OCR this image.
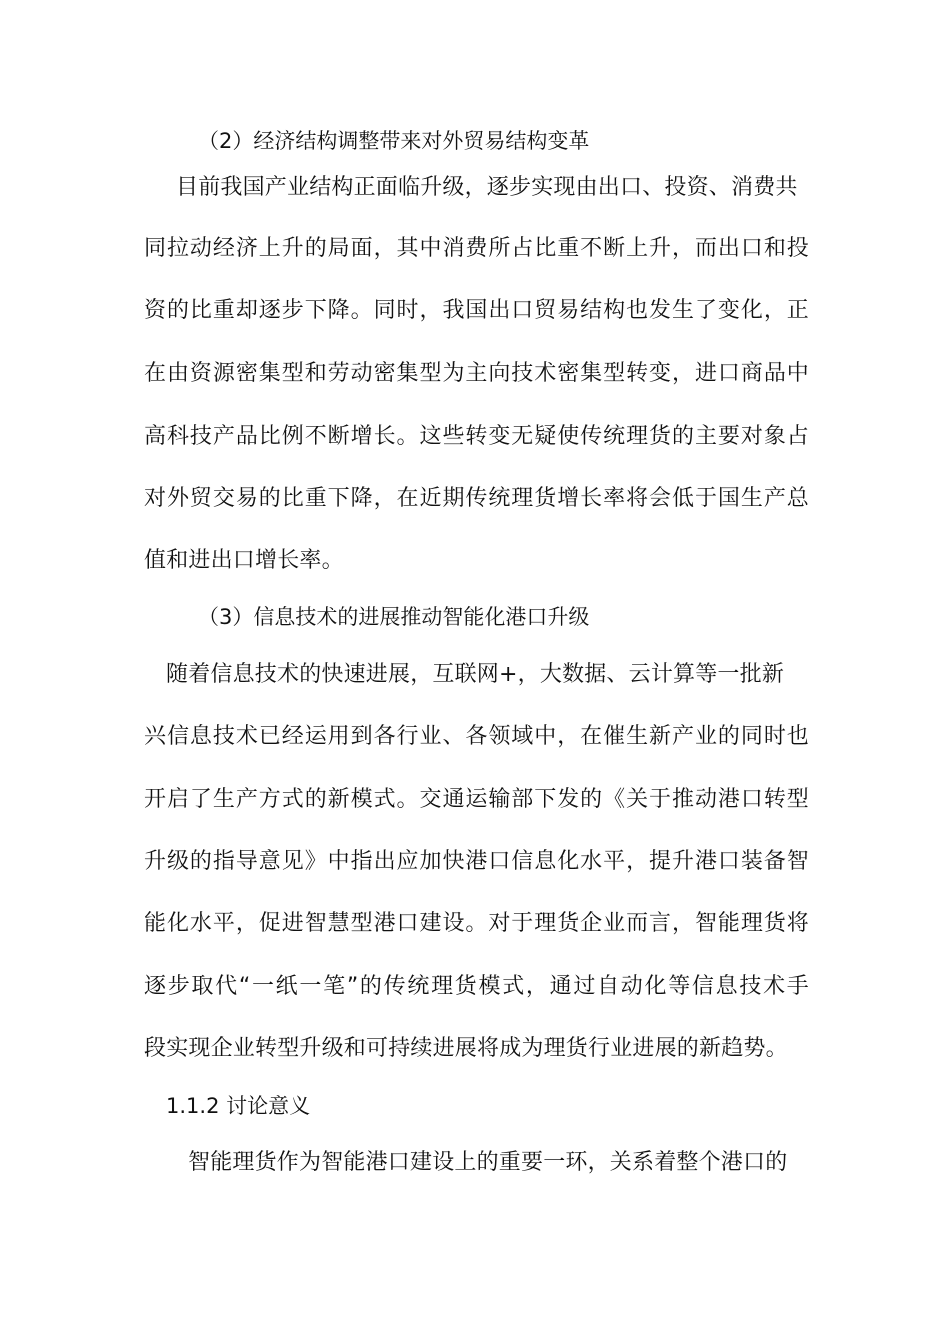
（2）经济结构调整带来对外贸易结构变革
目前我国产业结构正面临升级，逐步实现由出口、投资、消费共
同拉动经济上升的局面，其中消费所占比重不断上升，而出口和投
资的比重却逐步下降。同时，我国出口贸易结构也发生了变化，正
在由资源密集型和劳动密集型为主向技术密集型转变，进口商品中
高科技产品比例不断增长。这些转变无疑使传统理货的主要对象占
对外贸交易的比重下降，在近期传统理货增长率将会低于国生产总
值和进出口增长率。
（3）信息技术的进展推动智能化港口升级
随着信息技术的快速进展，互联网+，大数据、云计算等一批新
兴信息技术已经运用到各行业、各领域中，在催生新产业的同时也
开启了生产方式的新模式。交通运输部下发的《关于推动港口转型
升级的指导意见》中指出应加快港口信息化水平，提升港口装备智
能化水平，促进智慧型港口建设。对于理货企业而言，智能理货将
逐步取代“一纸一笔”的传统理货模式，通过自动化等信息技术手
段实现企业转型升级和可持续进展将成为理货行业进展的新趋势。
1.1.2 讨论意义
智能理货作为智能港口建设上的重要一环，关系着整个港口的
